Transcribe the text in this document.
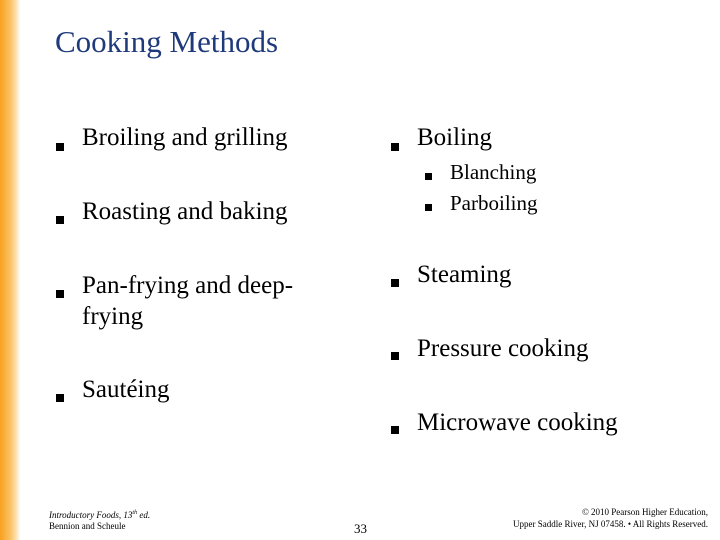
Cooking Methods
Broiling and grilling
Roasting and baking
Pan-frying and deep-frying
Sautéing
Boiling
Blanching
Parboiling
Steaming
Pressure cooking
Microwave cooking
Introductory Foods, 13th ed.
Bennion and Scheule	33
© 2010 Pearson Higher Education,
Upper Saddle River, NJ 07458. • All Rights Reserved.
